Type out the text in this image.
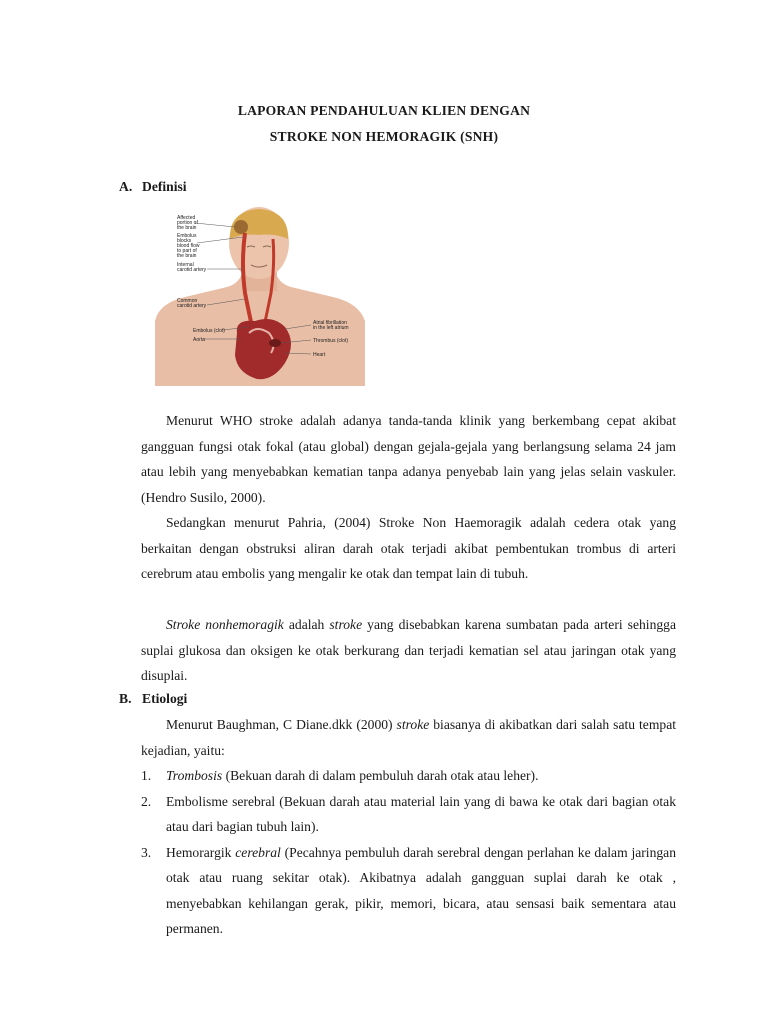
LAPORAN PENDAHULUAN KLIEN DENGAN
STROKE NON HEMORAGIK (SNH)
A. Definisi
Affected
portion of
the brain
Embolus
blocks
blood flow
to part of
the brain
Internal
carotid artery
Common
carotid artery
Embolus (clot)
Aorta
Atrial fibrillation
in the left atrium
Thrombus (clot)
Heart

Menurut WHO stroke adalah adanya tanda-tanda klinik yang berkembang cepat akibat gangguan fungsi otak fokal (atau global) dengan gejala-gejala yang berlangsung selama 24 jam atau lebih yang menyebabkan kematian tanpa adanya penyebab lain yang jelas selain vaskuler. (Hendro Susilo, 2000).

Sedangkan menurut Pahria, (2004) Stroke Non Haemoragik adalah cedera otak yang berkaitan dengan obstruksi aliran darah otak terjadi akibat pembentukan trombus di arteri cerebrum atau embolis yang mengalir ke otak dan tempat lain di tubuh.

Stroke nonhemoragik adalah stroke yang disebabkan karena sumbatan pada arteri sehingga suplai glukosa dan oksigen ke otak berkurang dan terjadi kematian sel atau jaringan otak yang disuplai.

B. Etiologi

Menurut Baughman, C Diane.dkk (2000) stroke biasanya di akibatkan dari salah satu tempat kejadian, yaitu:

1. Trombosis (Bekuan darah di dalam pembuluh darah otak atau leher).
2. Embolisme serebral (Bekuan darah atau material lain yang di bawa ke otak dari bagian otak atau dari bagian tubuh lain).
3. Hemorargik cerebral (Pecahnya pembuluh darah serebral dengan perlahan ke dalam jaringan otak atau ruang sekitar otak). Akibatnya adalah gangguan suplai darah ke otak , menyebabkan kehilangan gerak, pikir, memori, bicara, atau sensasi baik sementara atau permanen.
